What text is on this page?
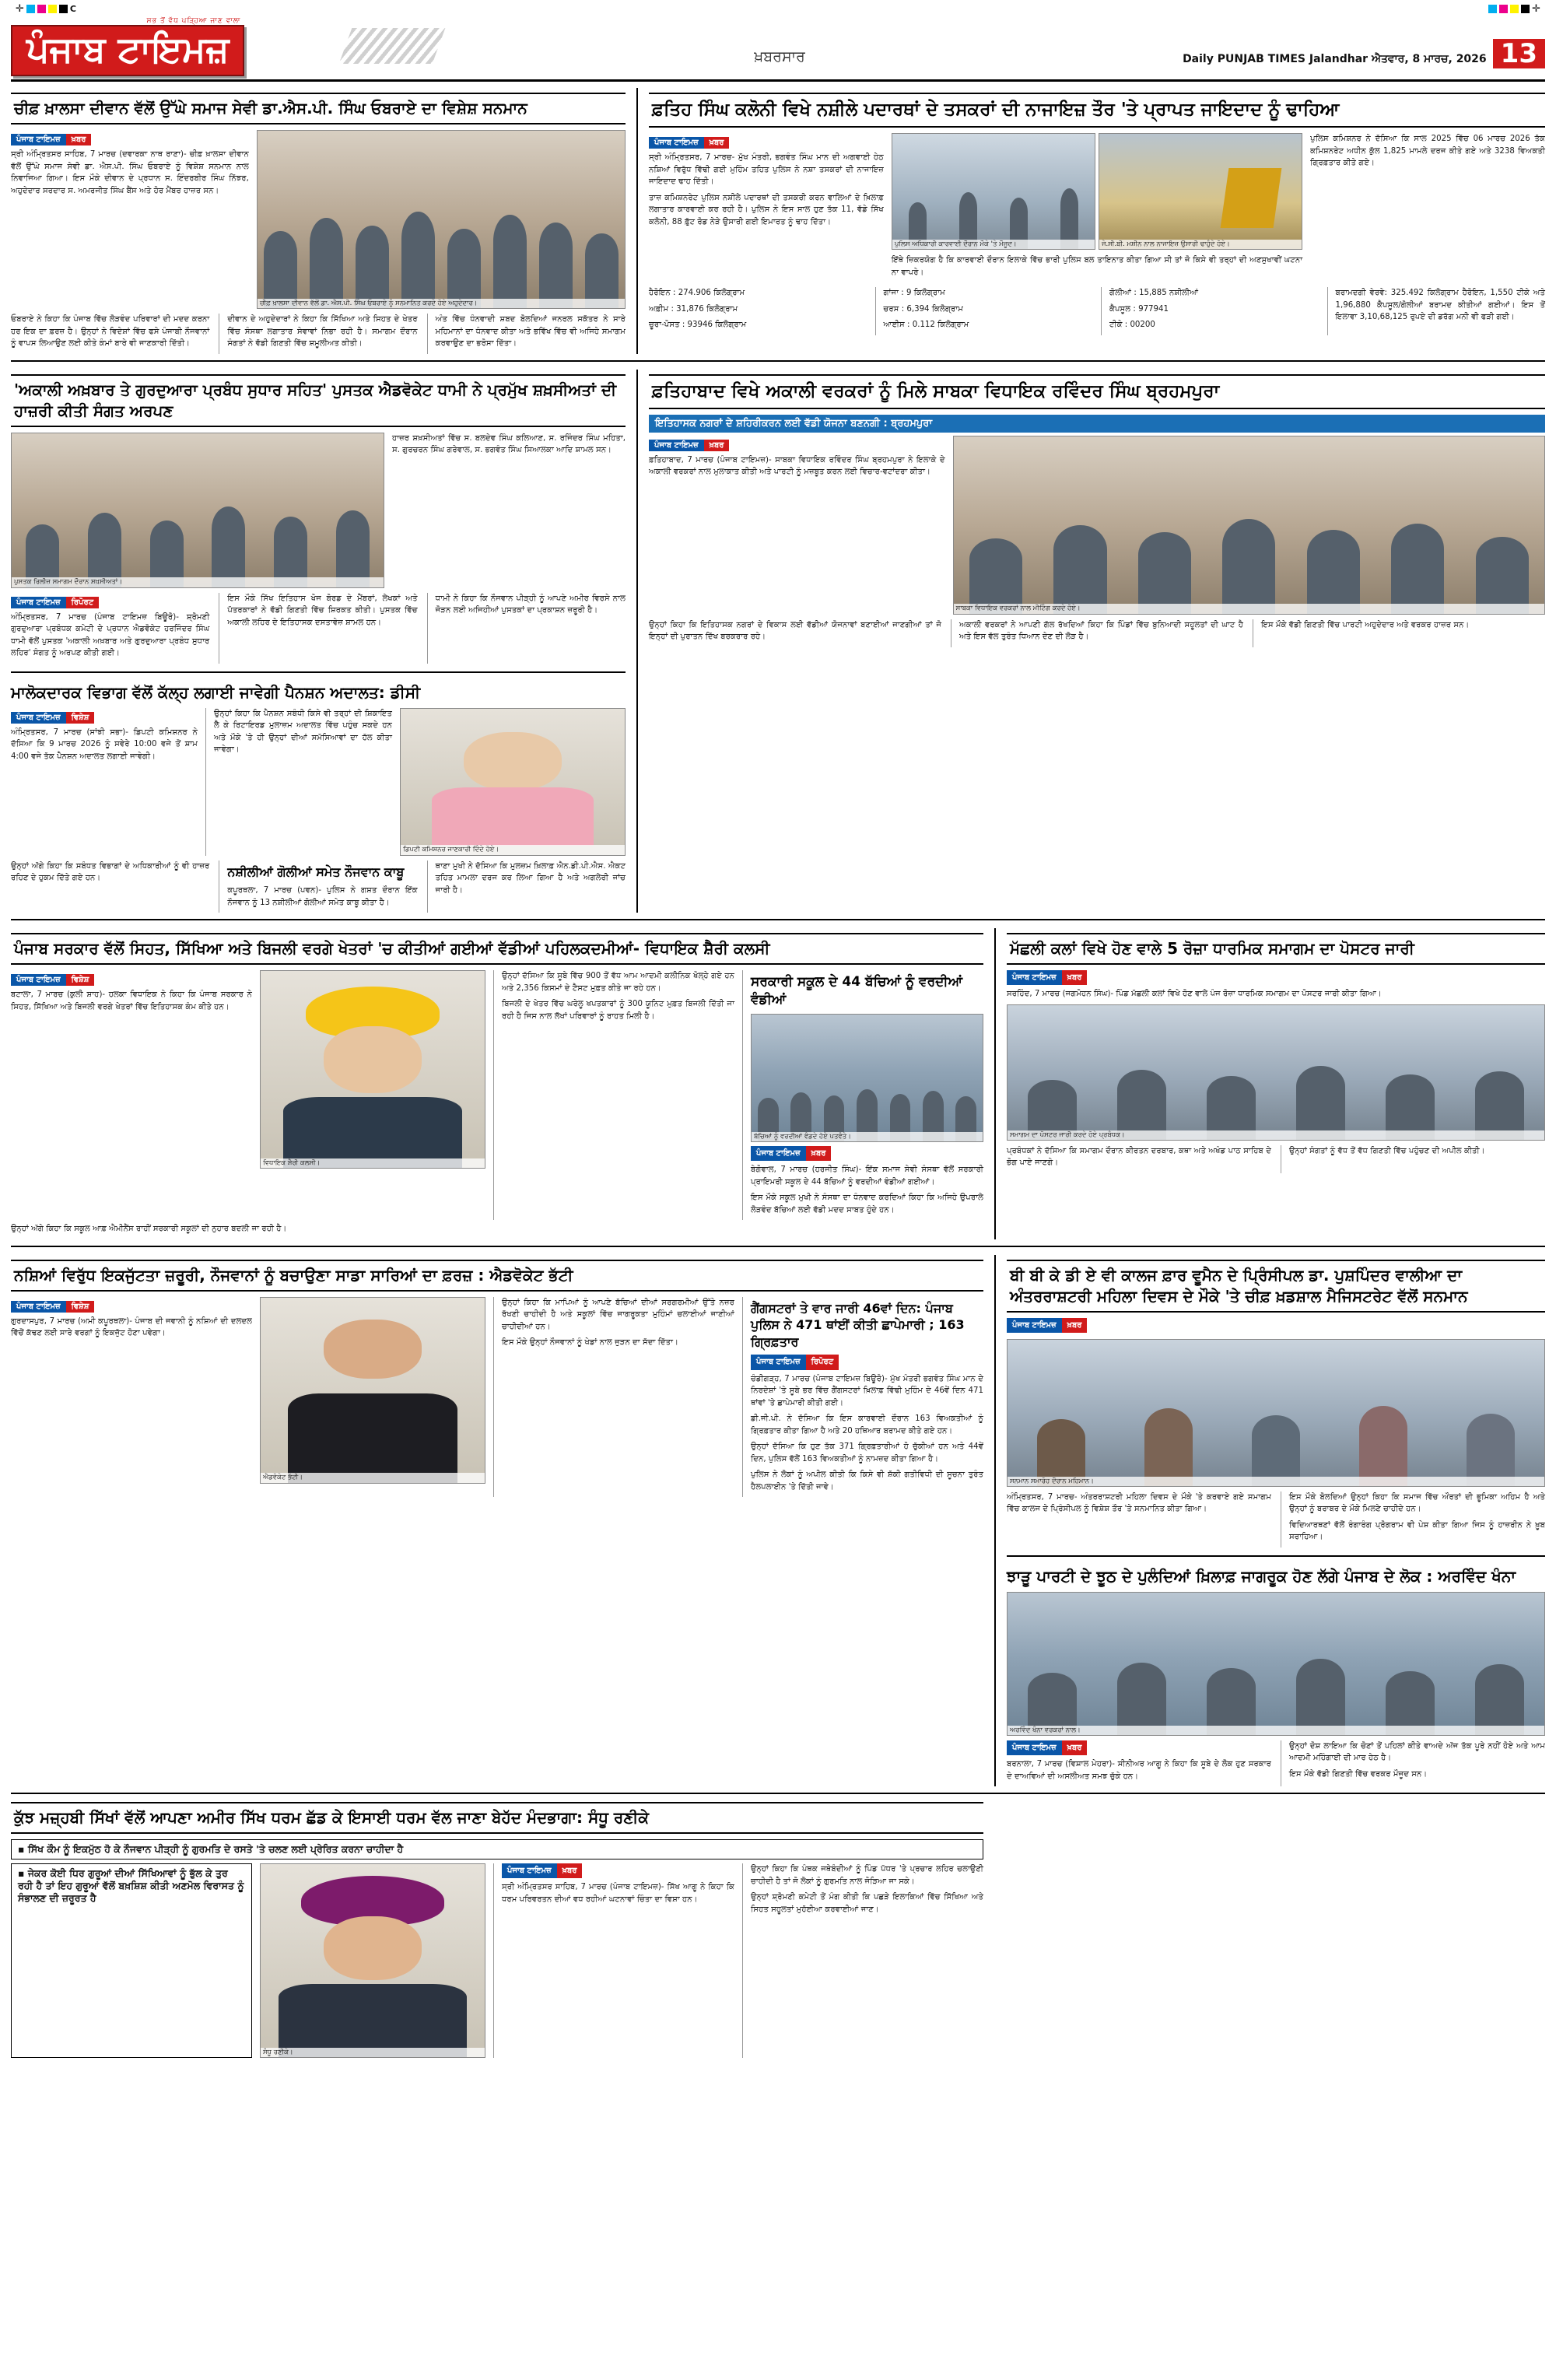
✛	C	✛
ਸਭ ਤੋਂ ਵੱਧ ਪੜ੍ਹਿਆ ਜਾਣ ਵਾਲਾ
ਪੰਜਾਬ ਟਾਇਮਜ਼	ਖ਼ਬਰਸਾਰ	Daily PUNJAB TIMES Jalandhar ਐਤਵਾਰ, 8 ਮਾਰਚ, 2026 13
ਚੀਫ਼ ਖ਼ਾਲਸਾ ਦੀਵਾਨ ਵੱਲੋਂ ਉੱਘੇ ਸਮਾਜ ਸੇਵੀ ਡਾ.ਐਸ.ਪੀ. ਸਿੰਘ ਓਬਰਾਏ ਦਾ ਵਿਸ਼ੇਸ਼ ਸਨਮਾਨ
ਪੰਜਾਬ ਟਾਇਮਜ਼	ਖ਼ਬਰ

ਸ੍ਰੀ ਅੰਮ੍ਰਿਤਸਰ ਸਾਹਿਬ, 7 ਮਾਰਚ (ਦਵਾਰਕਾ ਨਾਥ ਰਾਣਾ)- ਚੀਫ਼ ਖ਼ਾਲਸਾ ਦੀਵਾਨ ਵੱਲੋਂ ਉੱਘੇ ਸਮਾਜ ਸੇਵੀ ਡਾ. ਐਸ.ਪੀ. ਸਿੰਘ ਓਬਰਾਏ ਨੂੰ ਵਿਸ਼ੇਸ਼ ਸਨਮਾਨ ਨਾਲ ਨਿਵਾਜਿਆ ਗਿਆ। ਇਸ ਮੌਕੇ ਦੀਵਾਨ ਦੇ ਪ੍ਰਧਾਨ ਸ. ਇੰਦਰਬੀਰ ਸਿੰਘ ਨਿੱਝਰ, ਅਹੁਦੇਦਾਰ ਸਰਦਾਰ ਸ. ਅਮਰਜੀਤ ਸਿੰਘ ਬੈਂਸ ਅਤੇ ਹੋਰ ਮੈਂਬਰ ਹਾਜ਼ਰ ਸਨ।

ਚੀਫ਼ ਖ਼ਾਲਸਾ ਦੀਵਾਨ ਵੱਲੋਂ ਡਾ. ਐਸ.ਪੀ. ਸਿੰਘ ਓਬਰਾਏ ਨੂੰ ਸਨਮਾਨਿਤ ਕਰਦੇ ਹੋਏ ਅਹੁਦੇਦਾਰ।

ਓਬਰਾਏ ਨੇ ਕਿਹਾ ਕਿ ਪੰਜਾਬ ਵਿੱਚ ਲੋੜਵੰਦ ਪਰਿਵਾਰਾਂ ਦੀ ਮਦਦ ਕਰਨਾ ਹਰ ਇਕ ਦਾ ਫ਼ਰਜ਼ ਹੈ। ਉਨ੍ਹਾਂ ਨੇ ਵਿਦੇਸ਼ਾਂ ਵਿੱਚ ਫਸੇ ਪੰਜਾਬੀ ਨੌਜਵਾਨਾਂ ਨੂੰ ਵਾਪਸ ਲਿਆਉਣ ਲਈ ਕੀਤੇ ਕੰਮਾਂ ਬਾਰੇ ਵੀ ਜਾਣਕਾਰੀ ਦਿੱਤੀ।

ਦੀਵਾਨ ਦੇ ਅਹੁਦੇਦਾਰਾਂ ਨੇ ਕਿਹਾ ਕਿ ਸਿੱਖਿਆ ਅਤੇ ਸਿਹਤ ਦੇ ਖੇਤਰ ਵਿੱਚ ਸੰਸਥਾ ਲਗਾਤਾਰ ਸੇਵਾਵਾਂ ਨਿਭਾ ਰਹੀ ਹੈ। ਸਮਾਗਮ ਦੌਰਾਨ ਸੰਗਤਾਂ ਨੇ ਵੱਡੀ ਗਿਣਤੀ ਵਿੱਚ ਸ਼ਮੂਲੀਅਤ ਕੀਤੀ।

ਅੰਤ ਵਿੱਚ ਧੰਨਵਾਦੀ ਸ਼ਬਦ ਬੋਲਦਿਆਂ ਜਨਰਲ ਸਕੱਤਰ ਨੇ ਸਾਰੇ ਮਹਿਮਾਨਾਂ ਦਾ ਧੰਨਵਾਦ ਕੀਤਾ ਅਤੇ ਭਵਿੱਖ ਵਿੱਚ ਵੀ ਅਜਿਹੇ ਸਮਾਗਮ ਕਰਵਾਉਣ ਦਾ ਭਰੋਸਾ ਦਿੱਤਾ।

ਫ਼ਤਿਹ ਸਿੰਘ ਕਲੋਨੀ ਵਿਖੇ ਨਸ਼ੀਲੇ ਪਦਾਰਥਾਂ ਦੇ ਤਸਕਰਾਂ ਦੀ ਨਾਜਾਇਜ਼ ਤੌਰ 'ਤੇ ਪ੍ਰਾਪਤ ਜਾਇਦਾਦ ਨੂੰ ਢਾਹਿਆ
ਪੰਜਾਬ ਟਾਇਮਜ਼	ਖ਼ਬਰ

ਸ੍ਰੀ ਅੰਮ੍ਰਿਤਸਰ, 7 ਮਾਰਚ- ਮੁੱਖ ਮੰਤਰੀ, ਭਗਵੰਤ ਸਿੰਘ ਮਾਨ ਦੀ ਅਗਵਾਈ ਹੇਠ ਨਸ਼ਿਆਂ ਵਿਰੁੱਧ ਵਿੱਢੀ ਗਈ ਮੁਹਿੰਮ ਤਹਿਤ ਪੁਲਿਸ ਨੇ ਨਸ਼ਾ ਤਸਕਰਾਂ ਦੀ ਨਾਜਾਇਜ਼ ਜਾਇਦਾਦ ਢਾਹ ਦਿੱਤੀ।

ਤਾਜ਼ ਕਮਿਸ਼ਨਰੇਟ ਪੁਲਿਸ ਨਸ਼ੀਲੇ ਪਦਾਰਥਾਂ ਦੀ ਤਸਕਰੀ ਕਰਨ ਵਾਲਿਆਂ ਦੇ ਖ਼ਿਲਾਫ਼ ਲਗਾਤਾਰ ਕਾਰਵਾਈ ਕਰ ਰਹੀ ਹੈ। ਪੁਲਿਸ ਨੇ ਇਸ ਸਾਲ ਹੁਣ ਤੱਕ 11, ਵੱਡੇ ਸਿੱਖ ਕਲੋਨੀ, 88 ਫ਼ੁੱਟ ਰੋਡ ਨੇੜੇ ਉਸਾਰੀ ਗਈ ਇਮਾਰਤ ਨੂੰ ਢਾਹ ਦਿੱਤਾ।

ਪੁਲਿਸ ਅਧਿਕਾਰੀ ਕਾਰਵਾਈ ਦੌਰਾਨ ਮੌਕੇ 'ਤੇ ਮੌਜੂਦ।	ਜੇ.ਸੀ.ਬੀ. ਮਸ਼ੀਨ ਨਾਲ ਨਾਜਾਇਜ਼ ਉਸਾਰੀ ਢਾਹੁੰਦੇ ਹੋਏ।

ਇੱਥੇ ਜ਼ਿਕਰਯੋਗ ਹੈ ਕਿ ਕਾਰਵਾਈ ਦੌਰਾਨ ਇਲਾਕੇ ਵਿੱਚ ਭਾਰੀ ਪੁਲਿਸ ਬਲ ਤਾਇਨਾਤ ਕੀਤਾ ਗਿਆ ਸੀ ਤਾਂ ਜੋ ਕਿਸੇ ਵੀ ਤਰ੍ਹਾਂ ਦੀ ਅਣਸੁਖਾਵੀਂ ਘਟਨਾ ਨਾ ਵਾਪਰੇ।

ਪੁਲਿਸ ਕਮਿਸ਼ਨਰ ਨੇ ਦੱਸਿਆ ਕਿ ਸਾਲ 2025 ਵਿੱਚ 06 ਮਾਰਚ 2026 ਤੱਕ ਕਮਿਸ਼ਨਰੇਟ ਅਧੀਨ ਕੁੱਲ 1,825 ਮਾਮਲੇ ਦਰਜ ਕੀਤੇ ਗਏ ਅਤੇ 3238 ਵਿਅਕਤੀ ਗ੍ਰਿਫ਼ਤਾਰ ਕੀਤੇ ਗਏ।

ਹੈਰੋਇਨ : 274.906 ਕਿਲੋਗ੍ਰਾਮ

ਅਫ਼ੀਮ : 31,876 ਕਿਲੋਗ੍ਰਾਮ

ਚੂਰਾ-ਪੋਸਤ : 93946 ਕਿਲੋਗ੍ਰਾਮ

ਗਾਂਜਾ : 9 ਕਿਲੋਗ੍ਰਾਮ

ਚਰਸ : 6,394 ਕਿਲੋਗ੍ਰਾਮ

ਆਈਸ : 0.112 ਕਿਲੋਗ੍ਰਾਮ

ਗੋਲੀਆਂ : 15,885 ਨਸ਼ੀਲੀਆਂ

ਕੈਪਸੂਲ : 977941

ਟੀਕੇ : 00200

ਬਰਾਮਦਗੀ ਵੇਰਵੇ: 325.492 ਕਿਲੋਗ੍ਰਾਮ ਹੈਰੋਇਨ, 1,550 ਟੀਕੇ ਅਤੇ 1,96,880 ਕੈਪਸੂਲ/ਗੋਲੀਆਂ ਬਰਾਮਦ ਕੀਤੀਆਂ ਗਈਆਂ। ਇਸ ਤੋਂ ਇਲਾਵਾ 3,10,68,125 ਰੁਪਏ ਦੀ ਡਰੱਗ ਮਨੀ ਵੀ ਫੜੀ ਗਈ।

'ਅਕਾਲੀ ਅਖ਼ਬਾਰ ਤੇ ਗੁਰਦੁਆਰਾ ਪ੍ਰਬੰਧ ਸੁਧਾਰ ਸਹਿਤ' ਪੁਸਤਕ ਐਡਵੋਕੇਟ ਧਾਮੀ ਨੇ ਪ੍ਰਮੁੱਖ ਸ਼ਖ਼ਸੀਅਤਾਂ ਦੀ ਹਾਜ਼ਰੀ ਕੀਤੀ ਸੰਗਤ ਅਰਪਣ
ਪੁਸਤਕ ਰਿਲੀਜ਼ ਸਮਾਗਮ ਦੌਰਾਨ ਸ਼ਖ਼ਸੀਅਤਾਂ।

ਹਾਜ਼ਰ ਸ਼ਖ਼ਸੀਅਤਾਂ ਵਿੱਚ ਸ. ਬਲਦੇਵ ਸਿੰਘ ਕਲਿਆਣ, ਸ. ਰਜਿੰਦਰ ਸਿੰਘ ਮਹਿਤਾ, ਸ. ਗੁਰਚਰਨ ਸਿੰਘ ਗਰੇਵਾਲ, ਸ. ਭਗਵੰਤ ਸਿੰਘ ਸਿਆਲਕਾ ਆਦਿ ਸ਼ਾਮਲ ਸਨ।

ਪੰਜਾਬ ਟਾਇਮਜ਼	ਰਿਪੋਰਟ

ਅੰਮ੍ਰਿਤਸਰ, 7 ਮਾਰਚ (ਪੰਜਾਬ ਟਾਇਮਜ਼ ਬਿਊਰੋ)- ਸ਼੍ਰੋਮਣੀ ਗੁਰਦੁਆਰਾ ਪ੍ਰਬੰਧਕ ਕਮੇਟੀ ਦੇ ਪ੍ਰਧਾਨ ਐਡਵੋਕੇਟ ਹਰਜਿੰਦਰ ਸਿੰਘ ਧਾਮੀ ਵੱਲੋਂ ਪੁਸਤਕ 'ਅਕਾਲੀ ਅਖ਼ਬਾਰ ਅਤੇ ਗੁਰਦੁਆਰਾ ਪ੍ਰਬੰਧ ਸੁਧਾਰ ਲਹਿਰ' ਸੰਗਤ ਨੂੰ ਅਰਪਣ ਕੀਤੀ ਗਈ।

ਇਸ ਮੌਕੇ ਸਿੱਖ ਇਤਿਹਾਸ ਖੋਜ ਬੋਰਡ ਦੇ ਮੈਂਬਰਾਂ, ਲੇਖਕਾਂ ਅਤੇ ਪੱਤਰਕਾਰਾਂ ਨੇ ਵੱਡੀ ਗਿਣਤੀ ਵਿੱਚ ਸ਼ਿਰਕਤ ਕੀਤੀ। ਪੁਸਤਕ ਵਿੱਚ ਅਕਾਲੀ ਲਹਿਰ ਦੇ ਇਤਿਹਾਸਕ ਦਸਤਾਵੇਜ਼ ਸ਼ਾਮਲ ਹਨ।

ਧਾਮੀ ਨੇ ਕਿਹਾ ਕਿ ਨੌਜਵਾਨ ਪੀੜ੍ਹੀ ਨੂੰ ਆਪਣੇ ਅਮੀਰ ਵਿਰਸੇ ਨਾਲ ਜੋੜਨ ਲਈ ਅਜਿਹੀਆਂ ਪੁਸਤਕਾਂ ਦਾ ਪ੍ਰਕਾਸ਼ਨ ਜ਼ਰੂਰੀ ਹੈ।

ਮਾਲੋਕਦਾਰਕ ਵਿਭਾਗ ਵੱਲੋਂ ਕੱਲ੍ਹ ਲਗਾਈ ਜਾਵੇਗੀ ਪੈਨਸ਼ਨ ਅਦਾਲਤ: ਡੀਸੀ
ਪੰਜਾਬ ਟਾਇਮਜ਼	ਵਿਸ਼ੇਸ਼

ਅੰਮ੍ਰਿਤਸਰ, 7 ਮਾਰਚ (ਸਾਂਝੀ ਸਭਾ)- ਡਿਪਟੀ ਕਮਿਸ਼ਨਰ ਨੇ ਦੱਸਿਆ ਕਿ 9 ਮਾਰਚ 2026 ਨੂੰ ਸਵੇਰੇ 10:00 ਵਜੇ ਤੋਂ ਸ਼ਾਮ 4:00 ਵਜੇ ਤੱਕ ਪੈਨਸ਼ਨ ਅਦਾਲਤ ਲਗਾਈ ਜਾਵੇਗੀ।

ਉਨ੍ਹਾਂ ਕਿਹਾ ਕਿ ਪੈਨਸ਼ਨ ਸਬੰਧੀ ਕਿਸੇ ਵੀ ਤਰ੍ਹਾਂ ਦੀ ਸ਼ਿਕਾਇਤ ਲੈ ਕੇ ਰਿਟਾਇਰਡ ਮੁਲਾਜ਼ਮ ਅਦਾਲਤ ਵਿੱਚ ਪਹੁੰਚ ਸਕਦੇ ਹਨ ਅਤੇ ਮੌਕੇ 'ਤੇ ਹੀ ਉਨ੍ਹਾਂ ਦੀਆਂ ਸਮੱਸਿਆਵਾਂ ਦਾ ਹੱਲ ਕੀਤਾ ਜਾਵੇਗਾ।

ਡਿਪਟੀ ਕਮਿਸ਼ਨਰ ਜਾਣਕਾਰੀ ਦਿੰਦੇ ਹੋਏ।

ਉਨ੍ਹਾਂ ਅੱਗੇ ਕਿਹਾ ਕਿ ਸਬੰਧਤ ਵਿਭਾਗਾਂ ਦੇ ਅਧਿਕਾਰੀਆਂ ਨੂੰ ਵੀ ਹਾਜ਼ਰ ਰਹਿਣ ਦੇ ਹੁਕਮ ਦਿੱਤੇ ਗਏ ਹਨ।	ਨਸ਼ੀਲੀਆਂ ਗੋਲੀਆਂ ਸਮੇਤ ਨੌਜਵਾਨ ਕਾਬੂ

ਕਪੂਰਥਲਾ, 7 ਮਾਰਚ (ਪਵਨ)- ਪੁਲਿਸ ਨੇ ਗਸ਼ਤ ਦੌਰਾਨ ਇੱਕ ਨੌਜਵਾਨ ਨੂੰ 13 ਨਸ਼ੀਲੀਆਂ ਗੋਲੀਆਂ ਸਮੇਤ ਕਾਬੂ ਕੀਤਾ ਹੈ।

ਥਾਣਾ ਮੁਖੀ ਨੇ ਦੱਸਿਆ ਕਿ ਮੁਲਜ਼ਮ ਖ਼ਿਲਾਫ਼ ਐਨ.ਡੀ.ਪੀ.ਐਸ. ਐਕਟ ਤਹਿਤ ਮਾਮਲਾ ਦਰਜ ਕਰ ਲਿਆ ਗਿਆ ਹੈ ਅਤੇ ਅਗਲੇਰੀ ਜਾਂਚ ਜਾਰੀ ਹੈ।

ਫ਼ਤਿਹਾਬਾਦ ਵਿਖੇ ਅਕਾਲੀ ਵਰਕਰਾਂ ਨੂੰ ਮਿਲੇ ਸਾਬਕਾ ਵਿਧਾਇਕ ਰਵਿੰਦਰ ਸਿੰਘ ਬ੍ਰਹਮਪੁਰਾ
ਇਤਿਹਾਸਕ ਨਗਰਾਂ ਦੇ ਸ਼ਹਿਰੀਕਰਨ ਲਈ ਵੱਡੀ ਯੋਜਨਾ ਬਣਨਗੀ : ਬ੍ਰਹਮਪੁਰਾ
ਪੰਜਾਬ ਟਾਇਮਜ਼	ਖ਼ਬਰ

ਫ਼ਤਿਹਾਬਾਦ, 7 ਮਾਰਚ (ਪੰਜਾਬ ਟਾਇਮਜ਼)- ਸਾਬਕਾ ਵਿਧਾਇਕ ਰਵਿੰਦਰ ਸਿੰਘ ਬ੍ਰਹਮਪੁਰਾ ਨੇ ਇਲਾਕੇ ਦੇ ਅਕਾਲੀ ਵਰਕਰਾਂ ਨਾਲ ਮੁਲਾਕਾਤ ਕੀਤੀ ਅਤੇ ਪਾਰਟੀ ਨੂੰ ਮਜ਼ਬੂਤ ਕਰਨ ਲਈ ਵਿਚਾਰ-ਵਟਾਂਦਰਾ ਕੀਤਾ।

ਸਾਬਕਾ ਵਿਧਾਇਕ ਵਰਕਰਾਂ ਨਾਲ ਮੀਟਿੰਗ ਕਰਦੇ ਹੋਏ।

ਉਨ੍ਹਾਂ ਕਿਹਾ ਕਿ ਇਤਿਹਾਸਕ ਨਗਰਾਂ ਦੇ ਵਿਕਾਸ ਲਈ ਵੱਡੀਆਂ ਯੋਜਨਾਵਾਂ ਬਣਾਈਆਂ ਜਾਣਗੀਆਂ ਤਾਂ ਜੋ ਇਨ੍ਹਾਂ ਦੀ ਪੁਰਾਤਨ ਦਿੱਖ ਬਰਕਰਾਰ ਰਹੇ।

ਅਕਾਲੀ ਵਰਕਰਾਂ ਨੇ ਆਪਣੀ ਗੱਲ ਰੱਖਦਿਆਂ ਕਿਹਾ ਕਿ ਪਿੰਡਾਂ ਵਿੱਚ ਬੁਨਿਆਦੀ ਸਹੂਲਤਾਂ ਦੀ ਘਾਟ ਹੈ ਅਤੇ ਇਸ ਵੱਲ ਤੁਰੰਤ ਧਿਆਨ ਦੇਣ ਦੀ ਲੋੜ ਹੈ।

ਇਸ ਮੌਕੇ ਵੱਡੀ ਗਿਣਤੀ ਵਿੱਚ ਪਾਰਟੀ ਅਹੁਦੇਦਾਰ ਅਤੇ ਵਰਕਰ ਹਾਜ਼ਰ ਸਨ।

ਪੰਜਾਬ ਸਰਕਾਰ ਵੱਲੋਂ ਸਿਹਤ, ਸਿੱਖਿਆ ਅਤੇ ਬਿਜਲੀ ਵਰਗੇ ਖੇਤਰਾਂ 'ਚ ਕੀਤੀਆਂ ਗਈਆਂ ਵੱਡੀਆਂ ਪਹਿਲਕਦਮੀਆਂ- ਵਿਧਾਇਕ ਸ਼ੈਰੀ ਕਲਸੀ
ਪੰਜਾਬ ਟਾਇਮਜ਼	ਵਿਸ਼ੇਸ਼

ਬਟਾਲਾ, 7 ਮਾਰਚ (ਕੁਲੀ ਸ਼ਾਹ)- ਹਲਕਾ ਵਿਧਾਇਕ ਨੇ ਕਿਹਾ ਕਿ ਪੰਜਾਬ ਸਰਕਾਰ ਨੇ ਸਿਹਤ, ਸਿੱਖਿਆ ਅਤੇ ਬਿਜਲੀ ਵਰਗੇ ਖੇਤਰਾਂ ਵਿੱਚ ਇਤਿਹਾਸਕ ਕੰਮ ਕੀਤੇ ਹਨ।

ਵਿਧਾਇਕ ਸ਼ੈਰੀ ਕਲਸੀ।

ਉਨ੍ਹਾਂ ਦੱਸਿਆ ਕਿ ਸੂਬੇ ਵਿੱਚ 900 ਤੋਂ ਵੱਧ ਆਮ ਆਦਮੀ ਕਲੀਨਿਕ ਖੋਲ੍ਹੇ ਗਏ ਹਨ ਅਤੇ 2,356 ਕਿਸਮਾਂ ਦੇ ਟੈਸਟ ਮੁਫ਼ਤ ਕੀਤੇ ਜਾ ਰਹੇ ਹਨ।

ਬਿਜਲੀ ਦੇ ਖੇਤਰ ਵਿੱਚ ਘਰੇਲੂ ਖਪਤਕਾਰਾਂ ਨੂੰ 300 ਯੂਨਿਟ ਮੁਫ਼ਤ ਬਿਜਲੀ ਦਿੱਤੀ ਜਾ ਰਹੀ ਹੈ ਜਿਸ ਨਾਲ ਲੱਖਾਂ ਪਰਿਵਾਰਾਂ ਨੂੰ ਰਾਹਤ ਮਿਲੀ ਹੈ।

ਸਰਕਾਰੀ ਸਕੂਲ ਦੇ 44 ਬੱਚਿਆਂ ਨੂੰ ਵਰਦੀਆਂ ਵੰਡੀਆਂ
ਬੱਚਿਆਂ ਨੂੰ ਵਰਦੀਆਂ ਵੰਡਦੇ ਹੋਏ ਪਤਵੰਤੇ।
ਪੰਜਾਬ ਟਾਇਮਜ਼	ਖ਼ਬਰ

ਬੇਗੋਵਾਲ, 7 ਮਾਰਚ (ਹਰਜੀਤ ਸਿੰਘ)- ਇੱਕ ਸਮਾਜ ਸੇਵੀ ਸੰਸਥਾ ਵੱਲੋਂ ਸਰਕਾਰੀ ਪ੍ਰਾਇਮਰੀ ਸਕੂਲ ਦੇ 44 ਬੱਚਿਆਂ ਨੂੰ ਵਰਦੀਆਂ ਵੰਡੀਆਂ ਗਈਆਂ।

ਇਸ ਮੌਕੇ ਸਕੂਲ ਮੁਖੀ ਨੇ ਸੰਸਥਾ ਦਾ ਧੰਨਵਾਦ ਕਰਦਿਆਂ ਕਿਹਾ ਕਿ ਅਜਿਹੇ ਉਪਰਾਲੇ ਲੋੜਵੰਦ ਬੱਚਿਆਂ ਲਈ ਵੱਡੀ ਮਦਦ ਸਾਬਤ ਹੁੰਦੇ ਹਨ।

ਉਨ੍ਹਾਂ ਅੱਗੇ ਕਿਹਾ ਕਿ ਸਕੂਲ ਆਫ਼ ਐਮੀਨੈਂਸ ਰਾਹੀਂ ਸਰਕਾਰੀ ਸਕੂਲਾਂ ਦੀ ਨੁਹਾਰ ਬਦਲੀ ਜਾ ਰਹੀ ਹੈ।

ਮੱਛਲੀ ਕਲਾਂ ਵਿਖੇ ਹੋਣ ਵਾਲੇ 5 ਰੋਜ਼ਾ ਧਾਰਮਿਕ ਸਮਾਗਮ ਦਾ ਪੋਸਟਰ ਜਾਰੀ
ਪੰਜਾਬ ਟਾਇਮਜ਼	ਖ਼ਬਰ

ਸਰਹਿੰਦ, 7 ਮਾਰਚ (ਜਗਮੋਹਨ ਸਿੰਘ)- ਪਿੰਡ ਮੱਛਲੀ ਕਲਾਂ ਵਿਖੇ ਹੋਣ ਵਾਲੇ ਪੰਜ ਰੋਜ਼ਾ ਧਾਰਮਿਕ ਸਮਾਗਮ ਦਾ ਪੋਸਟਰ ਜਾਰੀ ਕੀਤਾ ਗਿਆ।

ਸਮਾਗਮ ਦਾ ਪੋਸਟਰ ਜਾਰੀ ਕਰਦੇ ਹੋਏ ਪ੍ਰਬੰਧਕ।

ਪ੍ਰਬੰਧਕਾਂ ਨੇ ਦੱਸਿਆ ਕਿ ਸਮਾਗਮ ਦੌਰਾਨ ਕੀਰਤਨ ਦਰਬਾਰ, ਕਥਾ ਅਤੇ ਅਖੰਡ ਪਾਠ ਸਾਹਿਬ ਦੇ ਭੋਗ ਪਾਏ ਜਾਣਗੇ।

ਉਨ੍ਹਾਂ ਸੰਗਤਾਂ ਨੂੰ ਵੱਧ ਤੋਂ ਵੱਧ ਗਿਣਤੀ ਵਿੱਚ ਪਹੁੰਚਣ ਦੀ ਅਪੀਲ ਕੀਤੀ।

ਨਸ਼ਿਆਂ ਵਿਰੁੱਧ ਇਕਜੁੱਟਤਾ ਜ਼ਰੂਰੀ, ਨੌਜਵਾਨਾਂ ਨੂੰ ਬਚਾਉਣਾ ਸਾਡਾ ਸਾਰਿਆਂ ਦਾ ਫ਼ਰਜ਼ : ਐਡਵੋਕੇਟ ਭੱਟੀ
ਪੰਜਾਬ ਟਾਇਮਜ਼	ਵਿਸ਼ੇਸ਼

ਗੁਰਦਾਸਪੁਰ, 7 ਮਾਰਚ (ਅਮੀ ਕਪੂਰਥਲਾ)- ਪੰਜਾਬ ਦੀ ਜਵਾਨੀ ਨੂੰ ਨਸ਼ਿਆਂ ਦੀ ਦਲਦਲ ਵਿੱਚੋਂ ਕੱਢਣ ਲਈ ਸਾਰੇ ਵਰਗਾਂ ਨੂੰ ਇਕਜੁੱਟ ਹੋਣਾ ਪਵੇਗਾ।

ਐਡਵੋਕੇਟ ਭੱਟੀ।

ਉਨ੍ਹਾਂ ਕਿਹਾ ਕਿ ਮਾਪਿਆਂ ਨੂੰ ਆਪਣੇ ਬੱਚਿਆਂ ਦੀਆਂ ਸਰਗਰਮੀਆਂ ਉੱਤੇ ਨਜ਼ਰ ਰੱਖਣੀ ਚਾਹੀਦੀ ਹੈ ਅਤੇ ਸਕੂਲਾਂ ਵਿੱਚ ਜਾਗਰੂਕਤਾ ਮੁਹਿੰਮਾਂ ਚਲਾਈਆਂ ਜਾਣੀਆਂ ਚਾਹੀਦੀਆਂ ਹਨ।

ਇਸ ਮੌਕੇ ਉਨ੍ਹਾਂ ਨੌਜਵਾਨਾਂ ਨੂੰ ਖੇਡਾਂ ਨਾਲ ਜੁੜਨ ਦਾ ਸੱਦਾ ਦਿੱਤਾ।

ਗੈਂਗਸਟਰਾਂ ਤੇ ਵਾਰ ਜਾਰੀ 46ਵਾਂ ਦਿਨ: ਪੰਜਾਬ ਪੁਲਿਸ ਨੇ 471 ਥਾਂਈਂ ਕੀਤੀ ਛਾਪੇਮਾਰੀ ; 163 ਗ੍ਰਿਫ਼ਤਾਰ
ਪੰਜਾਬ ਟਾਇਮਜ਼	ਰਿਪੋਰਟ

ਚੰਡੀਗੜ੍ਹ, 7 ਮਾਰਚ (ਪੰਜਾਬ ਟਾਇਮਜ਼ ਬਿਊਰੋ)- ਮੁੱਖ ਮੰਤਰੀ ਭਗਵੰਤ ਸਿੰਘ ਮਾਨ ਦੇ ਨਿਰਦੇਸ਼ਾਂ 'ਤੇ ਸੂਬੇ ਭਰ ਵਿੱਚ ਗੈਂਗਸਟਰਾਂ ਖ਼ਿਲਾਫ਼ ਵਿੱਢੀ ਮੁਹਿੰਮ ਦੇ 46ਵੇਂ ਦਿਨ 471 ਥਾਂਵਾਂ 'ਤੇ ਛਾਪੇਮਾਰੀ ਕੀਤੀ ਗਈ।

ਡੀ.ਜੀ.ਪੀ. ਨੇ ਦੱਸਿਆ ਕਿ ਇਸ ਕਾਰਵਾਈ ਦੌਰਾਨ 163 ਵਿਅਕਤੀਆਂ ਨੂੰ ਗ੍ਰਿਫ਼ਤਾਰ ਕੀਤਾ ਗਿਆ ਹੈ ਅਤੇ 20 ਹਥਿਆਰ ਬਰਾਮਦ ਕੀਤੇ ਗਏ ਹਨ।

ਉਨ੍ਹਾਂ ਦੱਸਿਆ ਕਿ ਹੁਣ ਤੱਕ 371 ਗ੍ਰਿਫ਼ਤਾਰੀਆਂ ਹੋ ਚੁੱਕੀਆਂ ਹਨ ਅਤੇ 44ਵੇਂ ਦਿਨ, ਪੁਲਿਸ ਵੱਲੋਂ 163 ਵਿਅਕਤੀਆਂ ਨੂੰ ਨਾਮਜ਼ਦ ਕੀਤਾ ਗਿਆ ਹੈ।

ਪੁਲਿਸ ਨੇ ਲੋਕਾਂ ਨੂੰ ਅਪੀਲ ਕੀਤੀ ਕਿ ਕਿਸੇ ਵੀ ਸ਼ੱਕੀ ਗਤੀਵਿਧੀ ਦੀ ਸੂਚਨਾ ਤੁਰੰਤ ਹੈਲਪਲਾਈਨ 'ਤੇ ਦਿੱਤੀ ਜਾਵੇ।

ਬੀ ਬੀ ਕੇ ਡੀ ਏ ਵੀ ਕਾਲਜ ਫ਼ਾਰ ਵੂਮੈਨ ਦੇ ਪ੍ਰਿੰਸੀਪਲ ਡਾ. ਪੁਸ਼ਪਿੰਦਰ ਵਾਲੀਆ ਦਾ ਅੰਤਰਰਾਸ਼ਟਰੀ ਮਹਿਲਾ ਦਿਵਸ ਦੇ ਮੌਕੇ 'ਤੇ ਚੀਫ਼ ਖ਼ਡਸ਼ਾਲ ਮੈਜਿਸਟਰੇਟ ਵੱਲੋਂ ਸਨਮਾਨ
ਪੰਜਾਬ ਟਾਇਮਜ਼	ਖ਼ਬਰ
ਸਨਮਾਨ ਸਮਾਰੋਹ ਦੌਰਾਨ ਮਹਿਮਾਨ।

ਅੰਮ੍ਰਿਤਸਰ, 7 ਮਾਰਚ- ਅੰਤਰਰਾਸ਼ਟਰੀ ਮਹਿਲਾ ਦਿਵਸ ਦੇ ਮੌਕੇ 'ਤੇ ਕਰਵਾਏ ਗਏ ਸਮਾਗਮ ਵਿੱਚ ਕਾਲਜ ਦੇ ਪ੍ਰਿੰਸੀਪਲ ਨੂੰ ਵਿਸ਼ੇਸ਼ ਤੌਰ 'ਤੇ ਸਨਮਾਨਿਤ ਕੀਤਾ ਗਿਆ।

ਇਸ ਮੌਕੇ ਬੋਲਦਿਆਂ ਉਨ੍ਹਾਂ ਕਿਹਾ ਕਿ ਸਮਾਜ ਵਿੱਚ ਔਰਤਾਂ ਦੀ ਭੂਮਿਕਾ ਅਹਿਮ ਹੈ ਅਤੇ ਉਨ੍ਹਾਂ ਨੂੰ ਬਰਾਬਰ ਦੇ ਮੌਕੇ ਮਿਲਣੇ ਚਾਹੀਦੇ ਹਨ।

ਵਿਦਿਆਰਥਣਾਂ ਵੱਲੋਂ ਰੰਗਾਰੰਗ ਪ੍ਰੋਗਰਾਮ ਵੀ ਪੇਸ਼ ਕੀਤਾ ਗਿਆ ਜਿਸ ਨੂੰ ਹਾਜ਼ਰੀਨ ਨੇ ਖ਼ੂਬ ਸਰਾਹਿਆ।

ਝਾੜੂ ਪਾਰਟੀ ਦੇ ਝੂਠ ਦੇ ਪੁਲੰਦਿਆਂ ਖ਼ਿਲਾਫ਼ ਜਾਗਰੂਕ ਹੋਣ ਲੱਗੇ ਪੰਜਾਬ ਦੇ ਲੋਕ : ਅਰਵਿੰਦ ਖੰਨਾ
ਅਰਵਿੰਦ ਖੰਨਾ ਵਰਕਰਾਂ ਨਾਲ।
ਪੰਜਾਬ ਟਾਇਮਜ਼	ਖ਼ਬਰ

ਬਰਨਾਲਾ, 7 ਮਾਰਚ (ਵਿਸ਼ਾਲ ਮੇਹਰਾ)- ਸੀਨੀਅਰ ਆਗੂ ਨੇ ਕਿਹਾ ਕਿ ਸੂਬੇ ਦੇ ਲੋਕ ਹੁਣ ਸਰਕਾਰ ਦੇ ਦਾਅਵਿਆਂ ਦੀ ਅਸਲੀਅਤ ਸਮਝ ਚੁੱਕੇ ਹਨ।

ਉਨ੍ਹਾਂ ਦੋਸ਼ ਲਾਇਆ ਕਿ ਚੋਣਾਂ ਤੋਂ ਪਹਿਲਾਂ ਕੀਤੇ ਵਾਅਦੇ ਅੱਜ ਤੱਕ ਪੂਰੇ ਨਹੀਂ ਹੋਏ ਅਤੇ ਆਮ ਆਦਮੀ ਮਹਿੰਗਾਈ ਦੀ ਮਾਰ ਹੇਠ ਹੈ।

ਇਸ ਮੌਕੇ ਵੱਡੀ ਗਿਣਤੀ ਵਿੱਚ ਵਰਕਰ ਮੌਜੂਦ ਸਨ।

ਕੁੱਝ ਮਜ਼੍ਹਬੀ ਸਿੱਖਾਂ ਵੱਲੋਂ ਆਪਣਾ ਅਮੀਰ ਸਿੱਖ ਧਰਮ ਛੱਡ ਕੇ ਇਸਾਈ ਧਰਮ ਵੱਲ ਜਾਣਾ ਬੇਹੱਦ ਮੰਦਭਾਗਾ: ਸੰਧੂ ਰਣੀਕੇ
▪ ਸਿੱਖ ਕੌਮ ਨੂੰ ਇਕਮੁੱਠ ਹੋ ਕੇ ਨੌਜਵਾਨ ਪੀੜ੍ਹੀ ਨੂੰ ਗੁਰਮਤਿ ਦੇ ਰਸਤੇ 'ਤੇ ਚਲਣ ਲਈ ਪ੍ਰੇਰਿਤ ਕਰਨਾ ਚਾਹੀਦਾ ਹੈ
▪ ਜੇਕਰ ਕੋਈ ਧਿਰ ਗੁਰੂਆਂ ਦੀਆਂ ਸਿੱਖਿਆਵਾਂ ਨੂੰ ਭੁੱਲ ਕੇ ਤੁਰ ਰਹੀ ਹੈ ਤਾਂ ਇਹ ਗੁਰੂਆਂ ਵੱਲੋਂ ਬਖ਼ਸ਼ਿਸ਼ ਕੀਤੀ ਅਣਮੋਲ ਵਿਰਾਸਤ ਨੂੰ ਸੰਭਾਲਣ ਦੀ ਜ਼ਰੂਰਤ ਹੈ
ਸੰਧੂ ਰਣੀਕੇ।
ਪੰਜਾਬ ਟਾਇਮਜ਼	ਖ਼ਬਰ

ਸ੍ਰੀ ਅੰਮ੍ਰਿਤਸਰ ਸਾਹਿਬ, 7 ਮਾਰਚ (ਪੰਜਾਬ ਟਾਇਮਜ਼)- ਸਿੱਖ ਆਗੂ ਨੇ ਕਿਹਾ ਕਿ ਧਰਮ ਪਰਿਵਰਤਨ ਦੀਆਂ ਵਧ ਰਹੀਆਂ ਘਟਨਾਵਾਂ ਚਿੰਤਾ ਦਾ ਵਿਸ਼ਾ ਹਨ।

ਉਨ੍ਹਾਂ ਕਿਹਾ ਕਿ ਪੰਥਕ ਜਥੇਬੰਦੀਆਂ ਨੂੰ ਪਿੰਡ ਪੱਧਰ 'ਤੇ ਪ੍ਰਚਾਰ ਲਹਿਰ ਚਲਾਉਣੀ ਚਾਹੀਦੀ ਹੈ ਤਾਂ ਜੋ ਲੋਕਾਂ ਨੂੰ ਗੁਰਮਤਿ ਨਾਲ ਜੋੜਿਆ ਜਾ ਸਕੇ।

ਉਨ੍ਹਾਂ ਸ਼੍ਰੋਮਣੀ ਕਮੇਟੀ ਤੋਂ ਮੰਗ ਕੀਤੀ ਕਿ ਪਛੜੇ ਇਲਾਕਿਆਂ ਵਿੱਚ ਸਿੱਖਿਆ ਅਤੇ ਸਿਹਤ ਸਹੂਲਤਾਂ ਮੁਹੱਈਆ ਕਰਵਾਈਆਂ ਜਾਣ।
